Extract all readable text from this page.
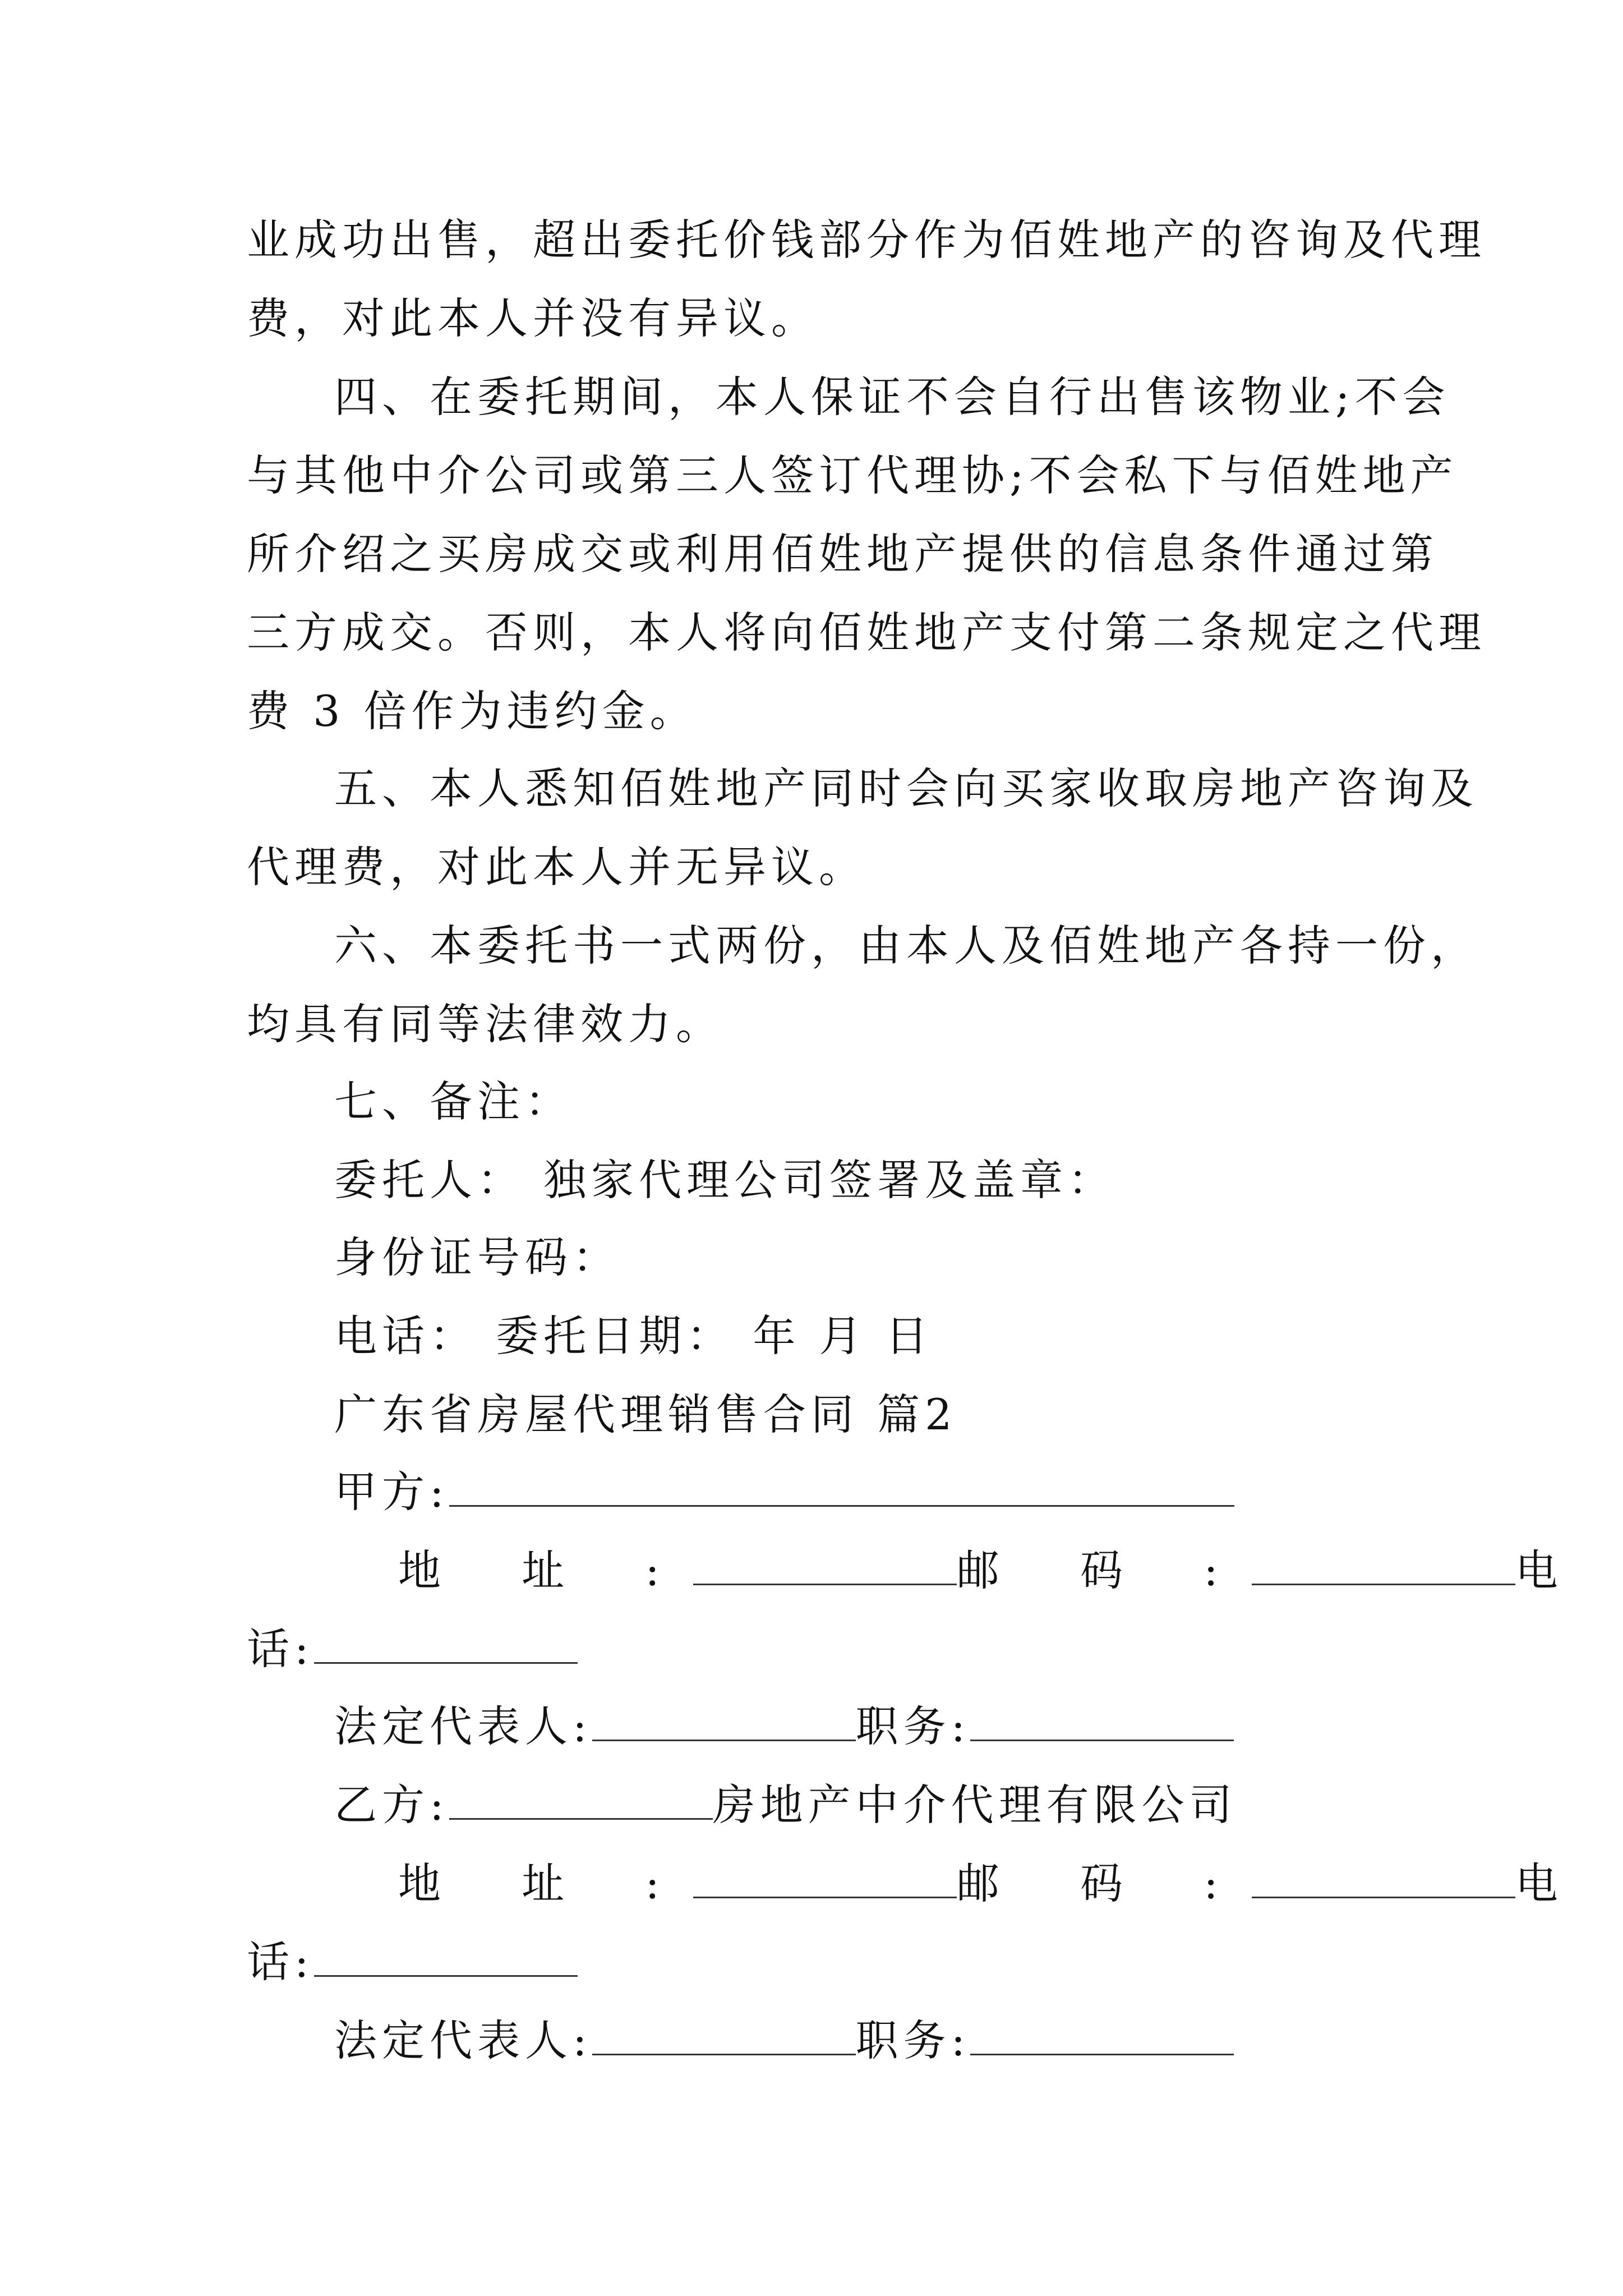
业成功出售，超出委托价钱部分作为佰姓地产的咨询及代理
费，对此本人并没有异议。
四、在委托期间，本人保证不会自行出售该物业;不会
与其他中介公司或第三人签订代理协;不会私下与佰姓地产
所介绍之买房成交或利用佰姓地产提供的信息条件通过第
三方成交。否则，本人将向佰姓地产支付第二条规定之代理
费 3 倍作为违约金。
五、本人悉知佰姓地产同时会向买家收取房地产咨询及
代理费，对此本人并无异议。
六、本委托书一式两份，由本人及佰姓地产各持一份，
均具有同等法律效力。
七、备注：
委托人： 独家代理公司签署及盖章：
身份证号码：
电话： 委托日期： 年 月 日
广东省房屋代理销售合同 篇2
甲方:
地 址 :	邮 码 :	电
话:
法定代表人:	职务:
乙方:	房地产中介代理有限公司
地 址 :	邮 码 :	电
话:
法定代表人:	职务:
